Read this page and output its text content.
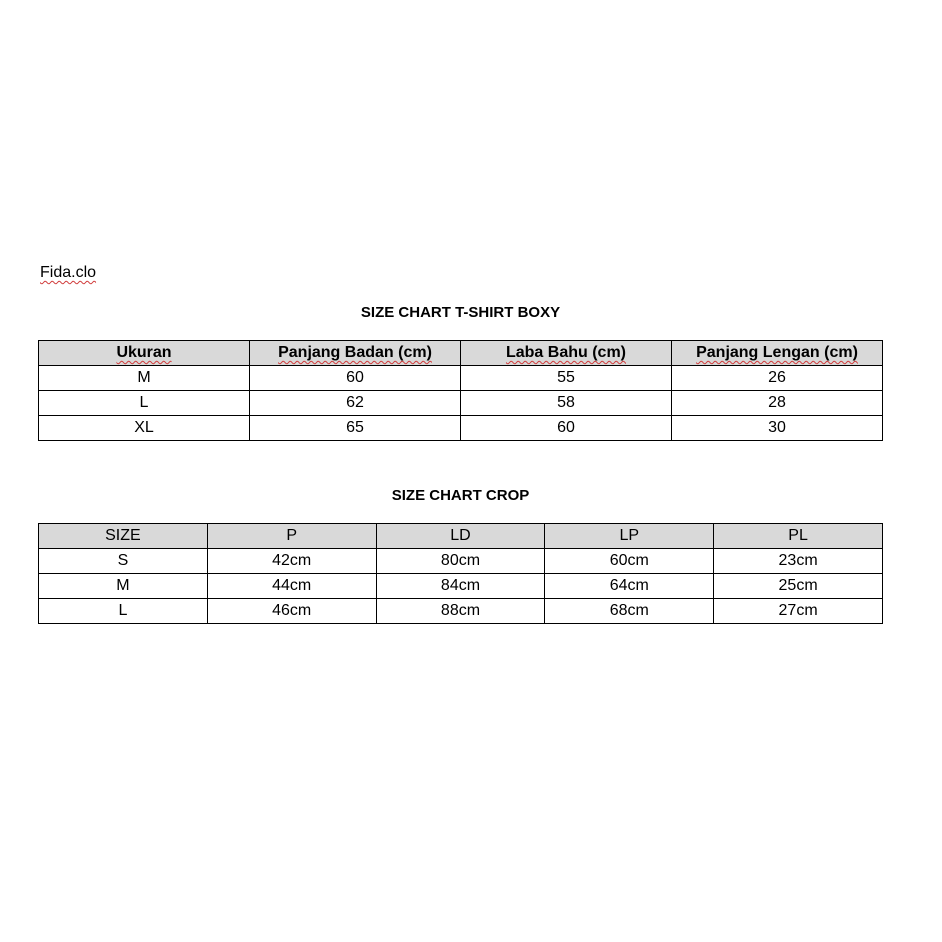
Fida.clo
SIZE CHART T-SHIRT BOXY
Ukuran	Panjang Badan (cm)	Laba Bahu (cm)	Panjang Lengan (cm)
M	60	55	26
L	62	58	28
XL	65	60	30
SIZE CHART CROP
SIZE	P	LD	LP	PL
S	42cm	80cm	60cm	23cm
M	44cm	84cm	64cm	25cm
L	46cm	88cm	68cm	27cm
